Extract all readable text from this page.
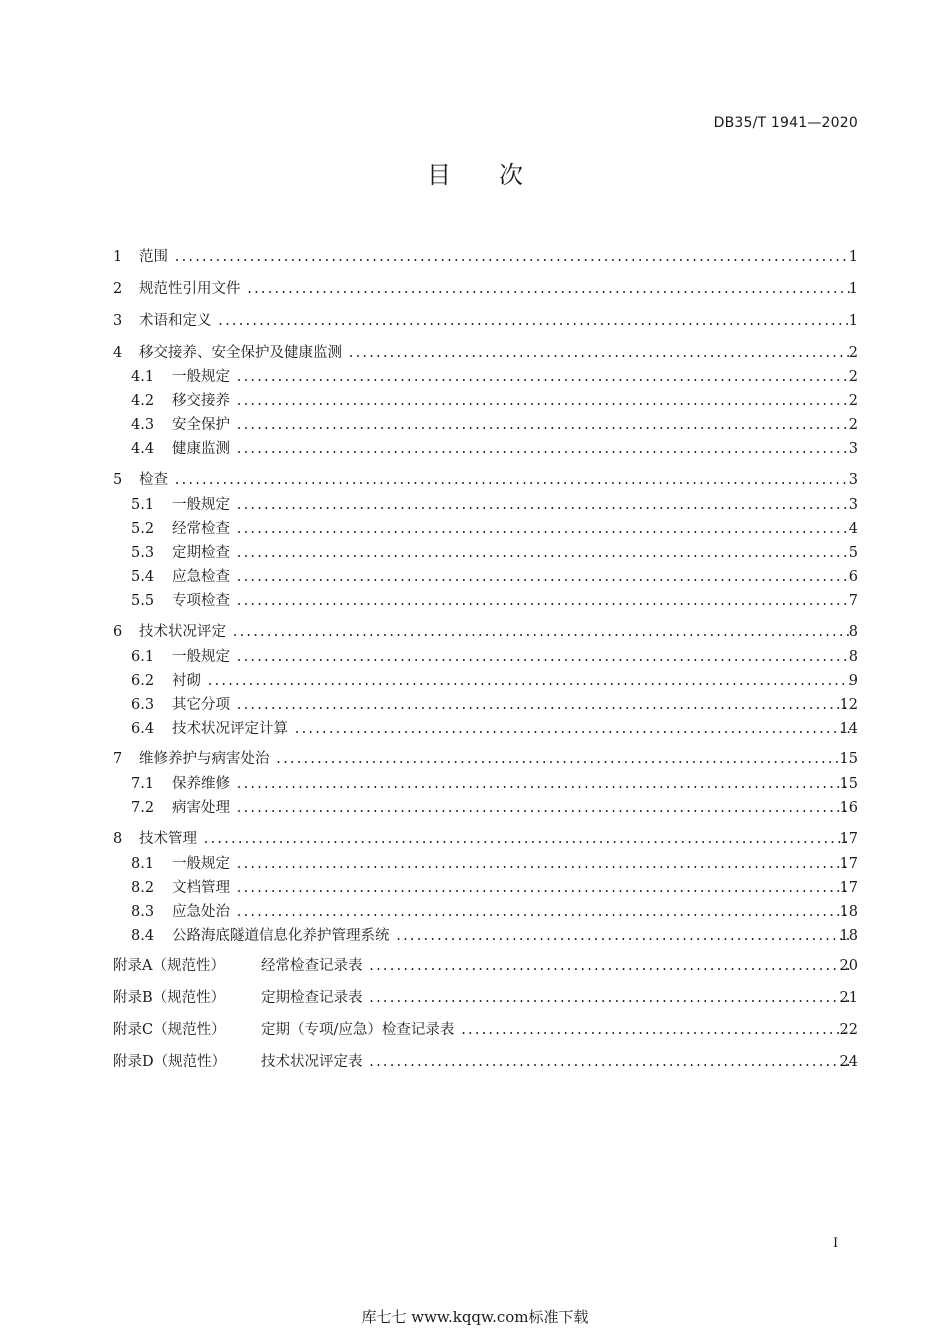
DB35/T 1941—2020
目次
1 范围 .....	1
2 规范性引用文件 .....	1
3 术语和定义 .....	1
4 移交接养、安全保护及健康监测 .....	2
4.1 一般规定 .....	2
4.2 移交接养 .....	2
4.3 安全保护 .....	2
4.4 健康监测 .....	3
5 检查 .....	3
5.1 一般规定 .....	3
5.2 经常检查 .....	4
5.3 定期检查 .....	5
5.4 应急检查 .....	6
5.5 专项检查 .....	7
6 技术状况评定 .....	8
6.1 一般规定 .....	8
6.2 衬砌 .....	9
6.3 其它分项 .....	12
6.4 技术状况评定计算 .....	14
7 维修养护与病害处治 .....	15
7.1 保养维修 .....	15
7.2 病害处理 .....	16
8 技术管理 .....	17
8.1 一般规定 .....	17
8.2 文档管理 .....	17
8.3 应急处治 .....	18
8.4 公路海底隧道信息化养护管理系统 .....	18
附录A（规范性） 经常检查记录表 .....	20
附录B（规范性） 定期检查记录表 .....	21
附录C（规范性） 定期（专项/应急）检查记录表 .....	22
附录D（规范性） 技术状况评定表 .....	24
I
库七七 www.kqqw.com标准下载
